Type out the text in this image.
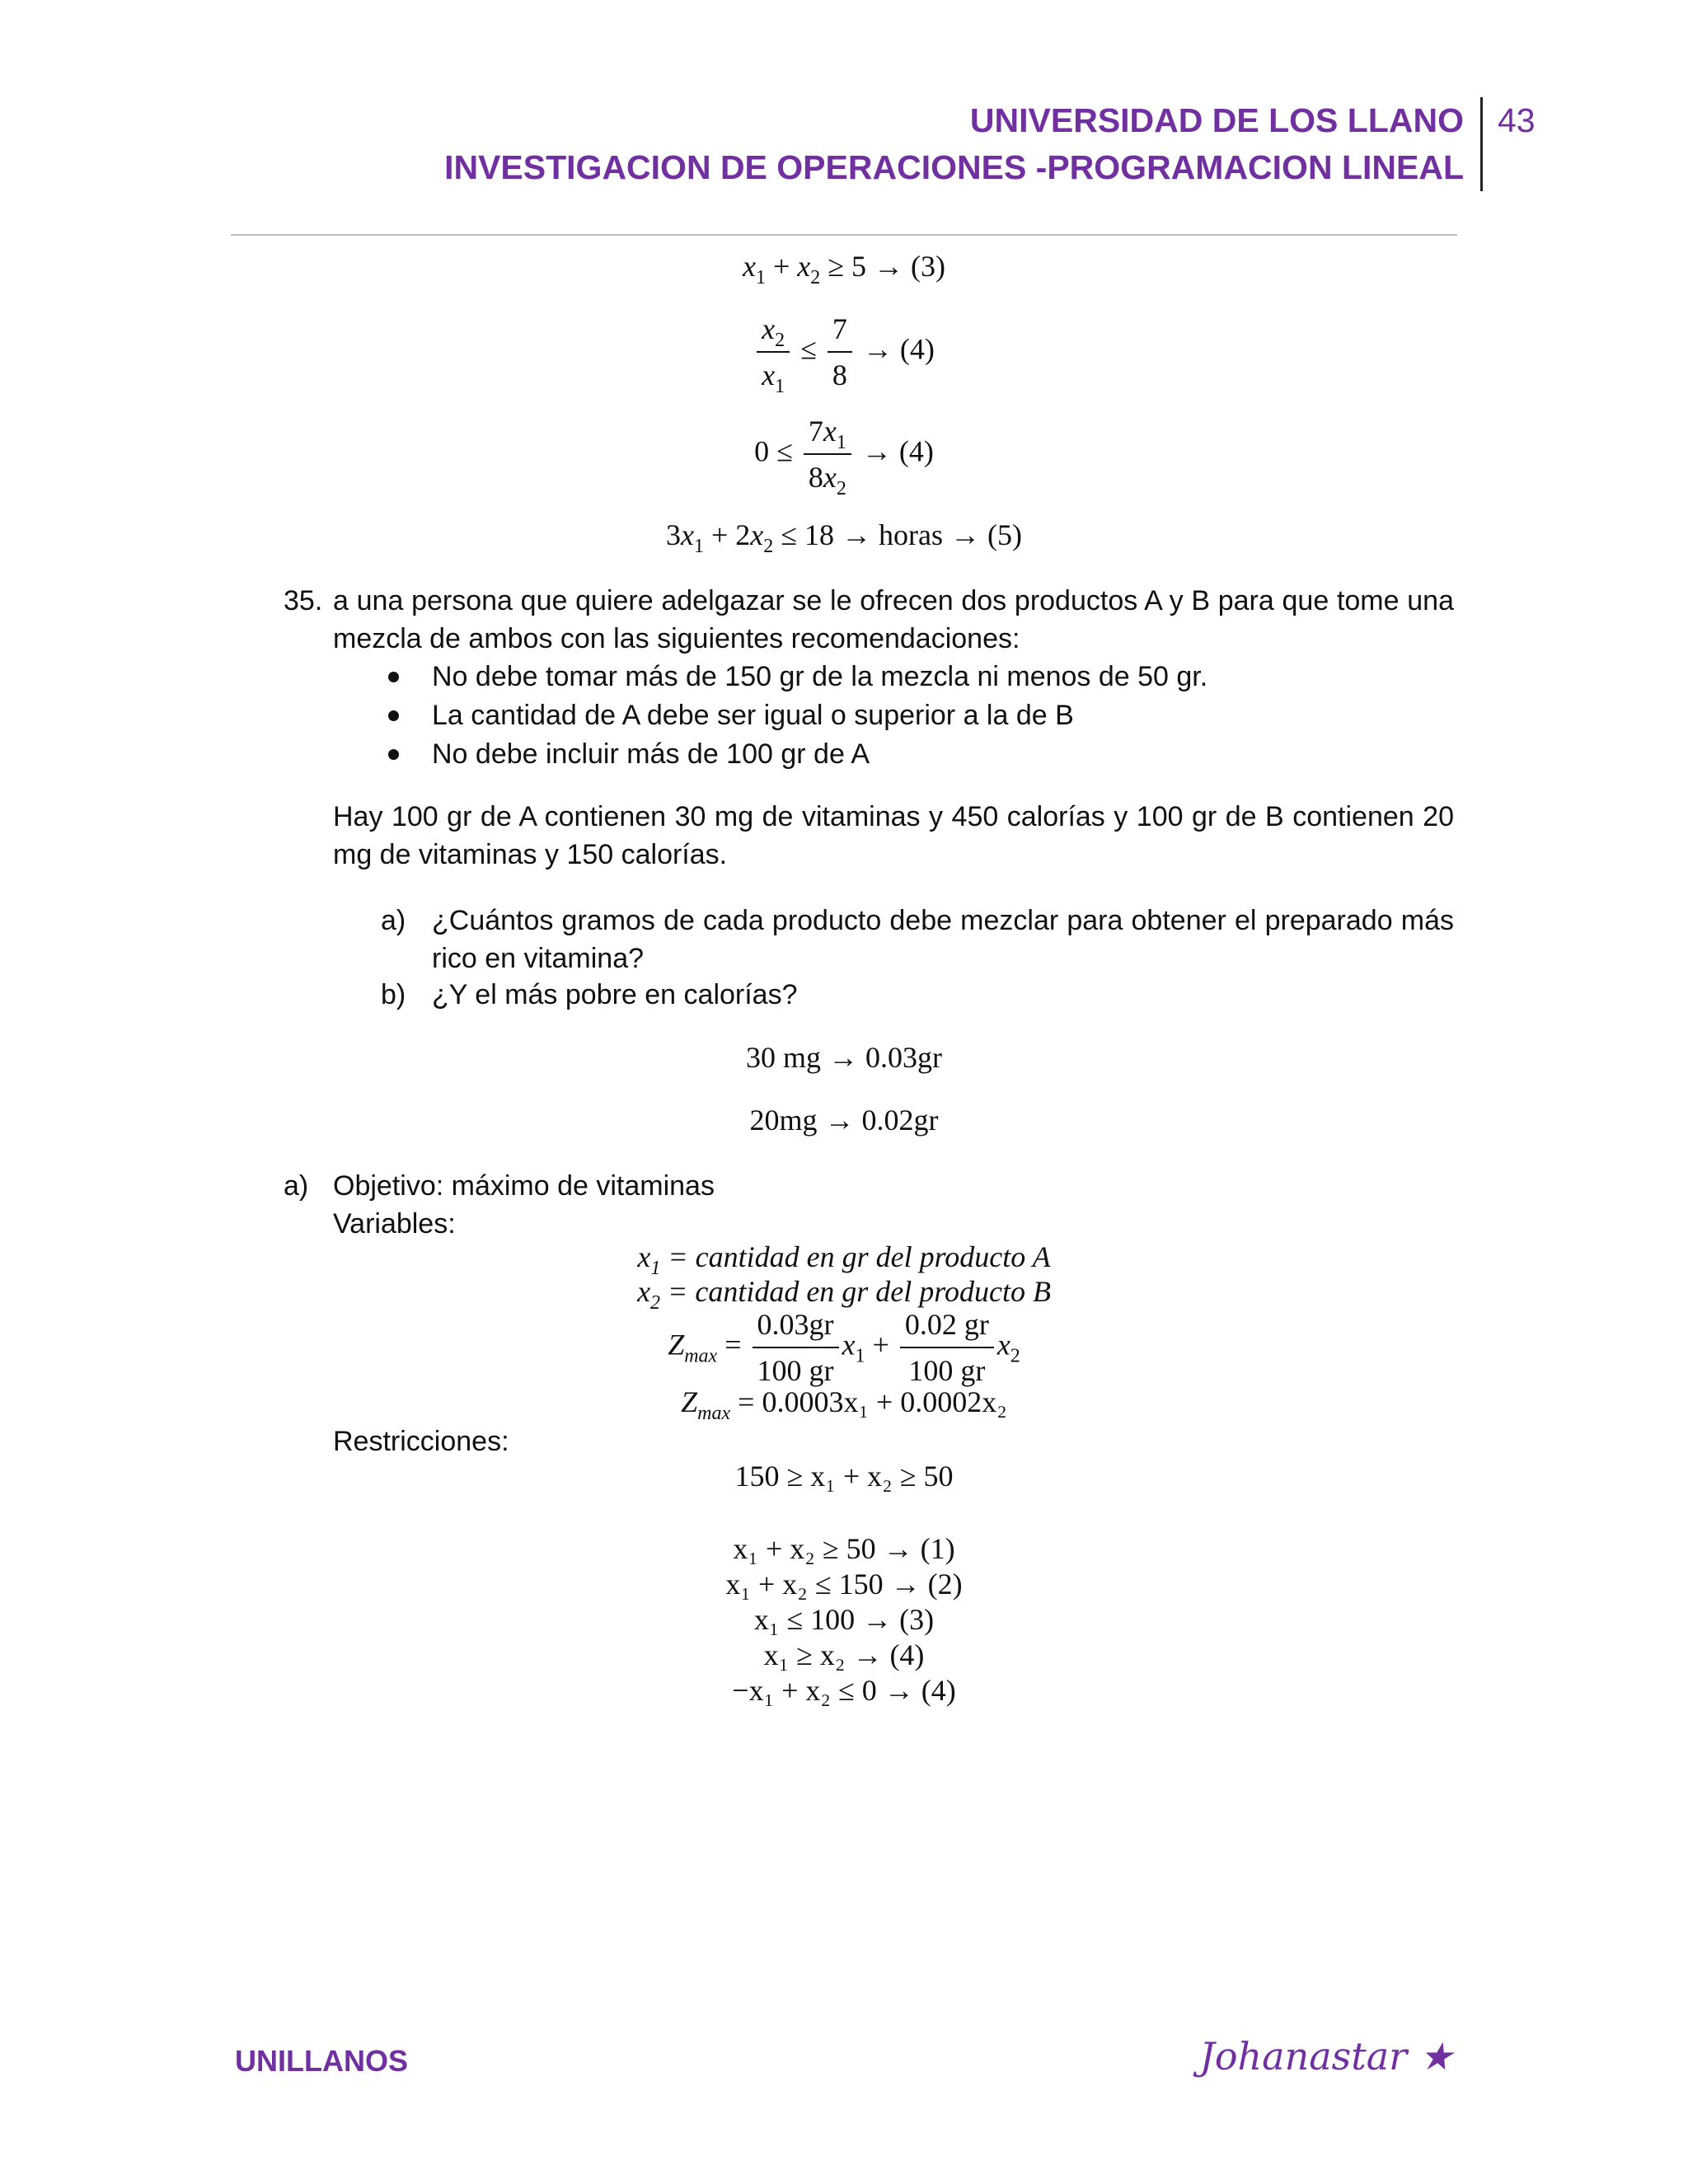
UNIVERSIDAD DE LOS LLANO
INVESTIGACION DE OPERACIONES -PROGRAMACION LINEAL
43
$x_1 + x_2 \ge 5 \to (3)$
$\frac{x_2}{x_1} \le \frac{7}{8} \to (4)$
$0 \le \frac{7x_1}{8x_2} \to (4)$
$3x_1 + 2x_2 \le 18$ → horas → (5)
35. a una persona que quiere adelgazar se le ofrecen dos productos A y B para que tome una mezcla de ambos con las siguientes recomendaciones:
No debe tomar más de 150 gr de la mezcla ni menos de 50 gr.
La cantidad de A debe ser igual o superior a la de B
No debe incluir más de 100 gr de A
Hay 100 gr de A contienen 30 mg de vitaminas y 450 calorías y 100 gr de B contienen 20 mg de vitaminas y 150 calorías.
a) ¿Cuántos gramos de cada producto debe mezclar para obtener el preparado más rico en vitamina?
b) ¿Y el más pobre en calorías?
30 mg → 0.03gr
20mg → 0.02gr
a) Objetivo: máximo de vitaminas
Variables:
$x_1$ = cantidad en gr del producto A
$x_2$ = cantidad en gr del producto B
$Z_{max} = \frac{0.03gr}{100 gr} x_1 + \frac{0.02 gr}{100 gr} x_2$
$Z_{max} = 0.0003x_1 + 0.0002x_2$
Restricciones:
150 ≥ x₁ + x₂ ≥ 50
x₁ + x₂ ≥ 50 → (1)
x₁ + x₂ ≤ 150 → (2)
x₁ ≤ 100 → (3)
x₁ ≥ x₂ → (4)
−x₁ + x₂ ≤ 0 → (4)
UNILLANOS	Johanastar ★
